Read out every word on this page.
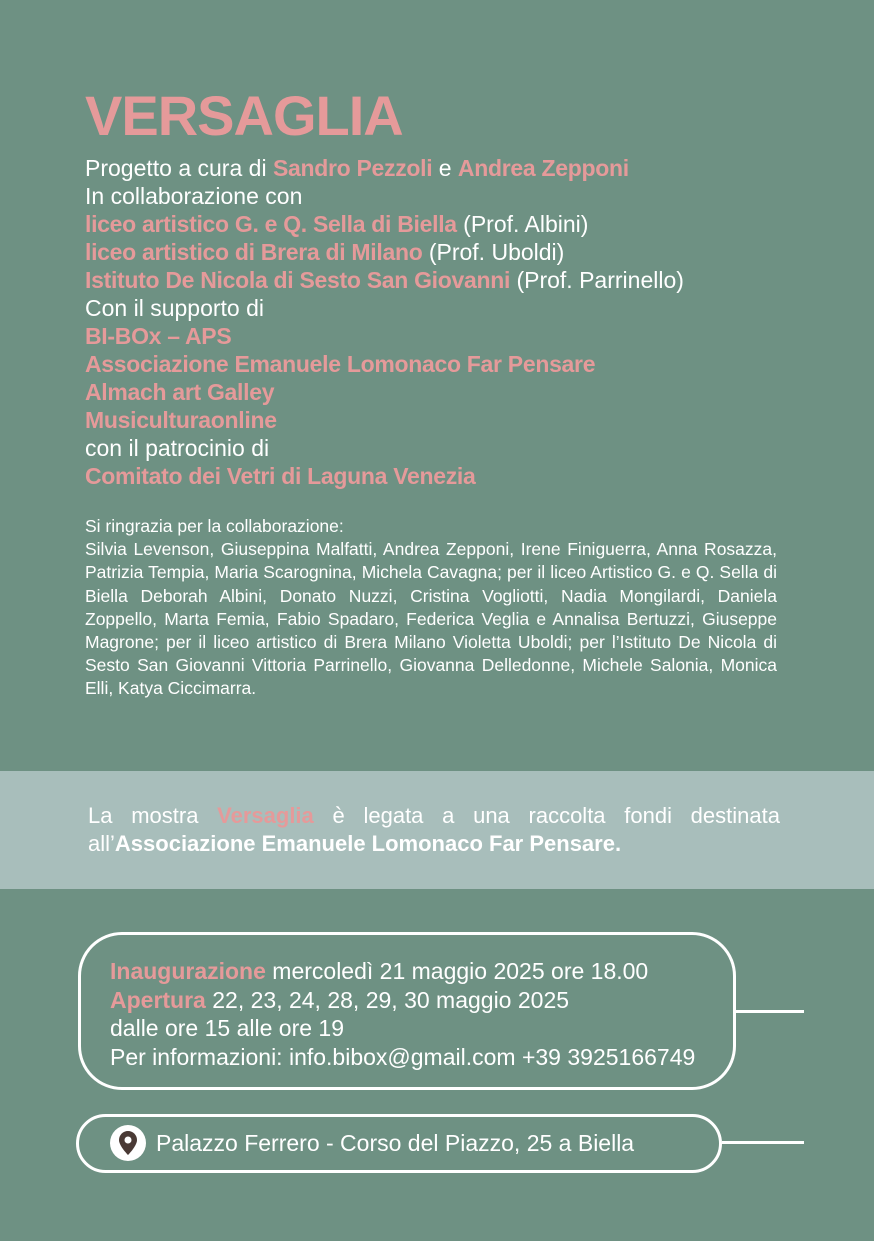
VERSAGLIA
Progetto a cura di Sandro Pezzoli e Andrea Zepponi
In collaborazione con
liceo artistico G. e Q. Sella di Biella (Prof. Albini)
liceo artistico di Brera di Milano (Prof. Uboldi)
Istituto De Nicola di Sesto San Giovanni (Prof. Parrinello)
Con il supporto di
BI-BOx – APS
Associazione Emanuele Lomonaco Far Pensare
Almach art Galley
Musiculturaonline
con il patrocinio di
Comitato dei Vetri di Laguna Venezia
Si ringrazia per la collaborazione:
Silvia Levenson, Giuseppina Malfatti, Andrea Zepponi, Irene Finiguerra, Anna Rosazza, Patrizia Tempia, Maria Scarognina, Michela Cavagna; per il liceo Artistico G. e Q. Sella di Biella Deborah Albini, Donato Nuzzi, Cristina Vogliotti, Nadia Mongilardi, Daniela Zoppello, Marta Femia, Fabio Spadaro, Federica Veglia e Annalisa Bertuzzi, Giuseppe Magrone; per il liceo artistico di Brera Milano Violetta Uboldi; per l’Istituto De Nicola di Sesto San Giovanni Vittoria Parrinello, Giovanna Delledonne, Michele Salonia, Monica Elli, Katya Ciccimarra.
La mostra Versaglia è legata a una raccolta fondi destinata all’Associazione Emanuele Lomonaco Far Pensare.
Inaugurazione mercoledì 21 maggio 2025 ore 18.00
Apertura 22, 23, 24, 28, 29, 30 maggio 2025
dalle ore 15 alle ore 19
Per informazioni: info.bibox@gmail.com +39 3925166749
Palazzo Ferrero - Corso del Piazzo, 25 a Biella
